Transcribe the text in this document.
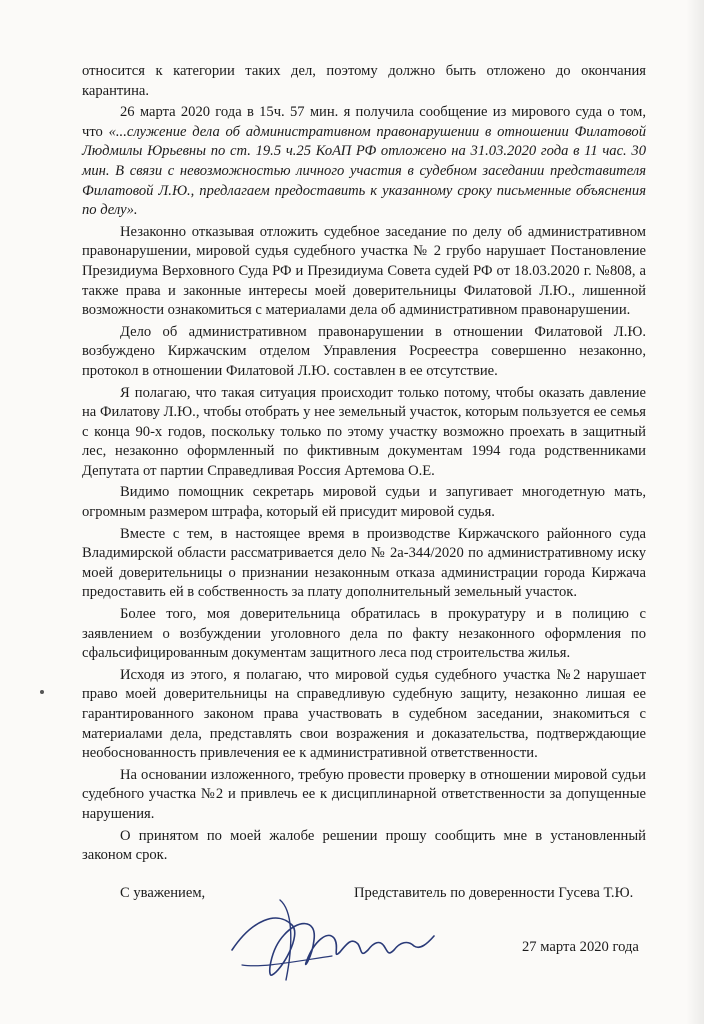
относится к категории таких дел, поэтому должно быть отложено до окончания карантина.

26 марта 2020 года в 15ч. 57 мин. я получила сообщение из мирового суда о том, что «...служение дела об административном правонарушении в отношении Филатовой Людмилы Юрьевны по ст. 19.5 ч.25 КоАП РФ отложено на 31.03.2020 года в 11 час. 30 мин. В связи с невозможностью личного участия в судебном заседании представителя Филатовой Л.Ю., предлагаем предоставить к указанному сроку письменные объяснения по делу».

Незаконно отказывая отложить судебное заседание по делу об административном правонарушении, мировой судья судебного участка № 2 грубо нарушает Постановление Президиума Верховного Суда РФ и Президиума Совета судей РФ от 18.03.2020 г. №808, а также права и законные интересы моей доверительницы Филатовой Л.Ю., лишенной возможности ознакомиться с материалами дела об административном правонарушении.

Дело об административном правонарушении в отношении Филатовой Л.Ю. возбуждено Киржачским отделом Управления Росреестра совершенно незаконно, протокол в отношении Филатовой Л.Ю. составлен в ее отсутствие.

Я полагаю, что такая ситуация происходит только потому, чтобы оказать давление на Филатову Л.Ю., чтобы отобрать у нее земельный участок, которым пользуется ее семья с конца 90-х годов, поскольку только по этому участку возможно проехать в защитный лес, незаконно оформленный по фиктивным документам 1994 года родственниками Депутата от партии Справедливая Россия Артемова О.Е.

Видимо помощник секретарь мировой судьи и запугивает многодетную мать, огромным размером штрафа, который ей присудит мировой судья.

Вместе с тем, в настоящее время в производстве Киржачского районного суда Владимирской области рассматривается дело № 2а-344/2020 по административному иску моей доверительницы о признании незаконным отказа администрации города Киржача предоставить ей в собственность за плату дополнительный земельный участок.

Более того, моя доверительница обратилась в прокуратуру и в полицию с заявлением о возбуждении уголовного дела по факту незаконного оформления по сфальсифицированным документам защитного леса под строительства жилья.

Исходя из этого, я полагаю, что мировой судья судебного участка №2 нарушает право моей доверительницы на справедливую судебную защиту, незаконно лишая ее гарантированного законом права участвовать в судебном заседании, знакомиться с материалами дела, представлять свои возражения и доказательства, подтверждающие необоснованность привлечения ее к административной ответственности.

На основании изложенного, требую провести проверку в отношении мировой судьи судебного участка №2 и привлечь ее к дисциплинарной ответственности за допущенные нарушения.

О принятом по моей жалобе решении прошу сообщить мне в установленный законом срок.

С уважением,	Представитель по доверенности Гусева Т.Ю.
27 марта 2020 года
